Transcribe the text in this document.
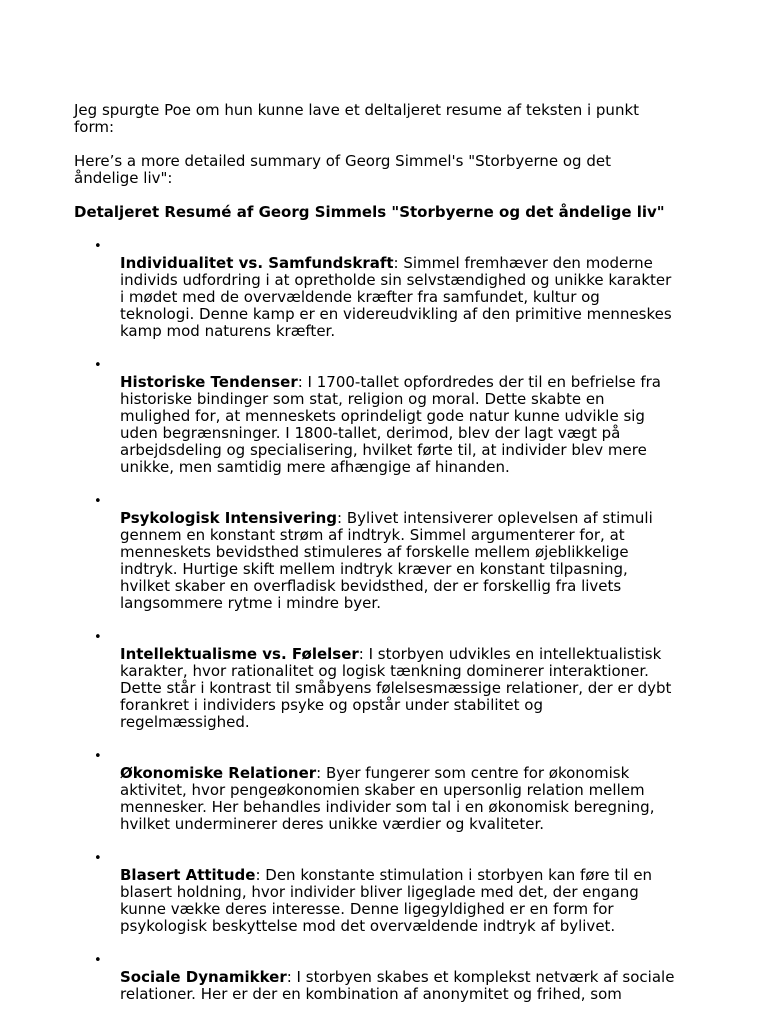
Jeg spurgte Poe om hun kunne lave et deltaljeret resume af teksten i punkt
form:

Here’s a more detailed summary of Georg Simmel's "Storbyerne og det
åndelige liv":

Detaljeret Resumé af Georg Simmels "Storbyerne og det åndelige liv"

•
Individualitet vs. Samfundskraft: Simmel fremhæver den moderne
individs udfordring i at opretholde sin selvstændighed og unikke karakter
i mødet med de overvældende kræfter fra samfundet, kultur og
teknologi. Denne kamp er en videreudvikling af den primitive menneskes
kamp mod naturens kræfter.

•
Historiske Tendenser: I 1700-tallet opfordredes der til en befrielse fra
historiske bindinger som stat, religion og moral. Dette skabte en
mulighed for, at menneskets oprindeligt gode natur kunne udvikle sig
uden begrænsninger. I 1800-tallet, derimod, blev der lagt vægt på
arbejdsdeling og specialisering, hvilket førte til, at individer blev mere
unikke, men samtidig mere afhængige af hinanden.

•
Psykologisk Intensivering: Bylivet intensiverer oplevelsen af stimuli
gennem en konstant strøm af indtryk. Simmel argumenterer for, at
menneskets bevidsthed stimuleres af forskelle mellem øjeblikkelige
indtryk. Hurtige skift mellem indtryk kræver en konstant tilpasning,
hvilket skaber en overfladisk bevidsthed, der er forskellig fra livets
langsommere rytme i mindre byer.

•
Intellektualisme vs. Følelser: I storbyen udvikles en intellektualistisk
karakter, hvor rationalitet og logisk tænkning dominerer interaktioner.
Dette står i kontrast til småbyens følelsesmæssige relationer, der er dybt
forankret i individers psyke og opstår under stabilitet og
regelmæssighed.

•
Økonomiske Relationer: Byer fungerer som centre for økonomisk
aktivitet, hvor pengeøkonomien skaber en upersonlig relation mellem
mennesker. Her behandles individer som tal i en økonomisk beregning,
hvilket underminerer deres unikke værdier og kvaliteter.

•
Blasert Attitude: Den konstante stimulation i storbyen kan føre til en
blasert holdning, hvor individer bliver ligeglade med det, der engang
kunne vække deres interesse. Denne ligegyldighed er en form for
psykologisk beskyttelse mod det overvældende indtryk af bylivet.

•
Sociale Dynamikker: I storbyen skabes et komplekst netværk af sociale
relationer. Her er der en kombination af anonymitet og frihed, som
